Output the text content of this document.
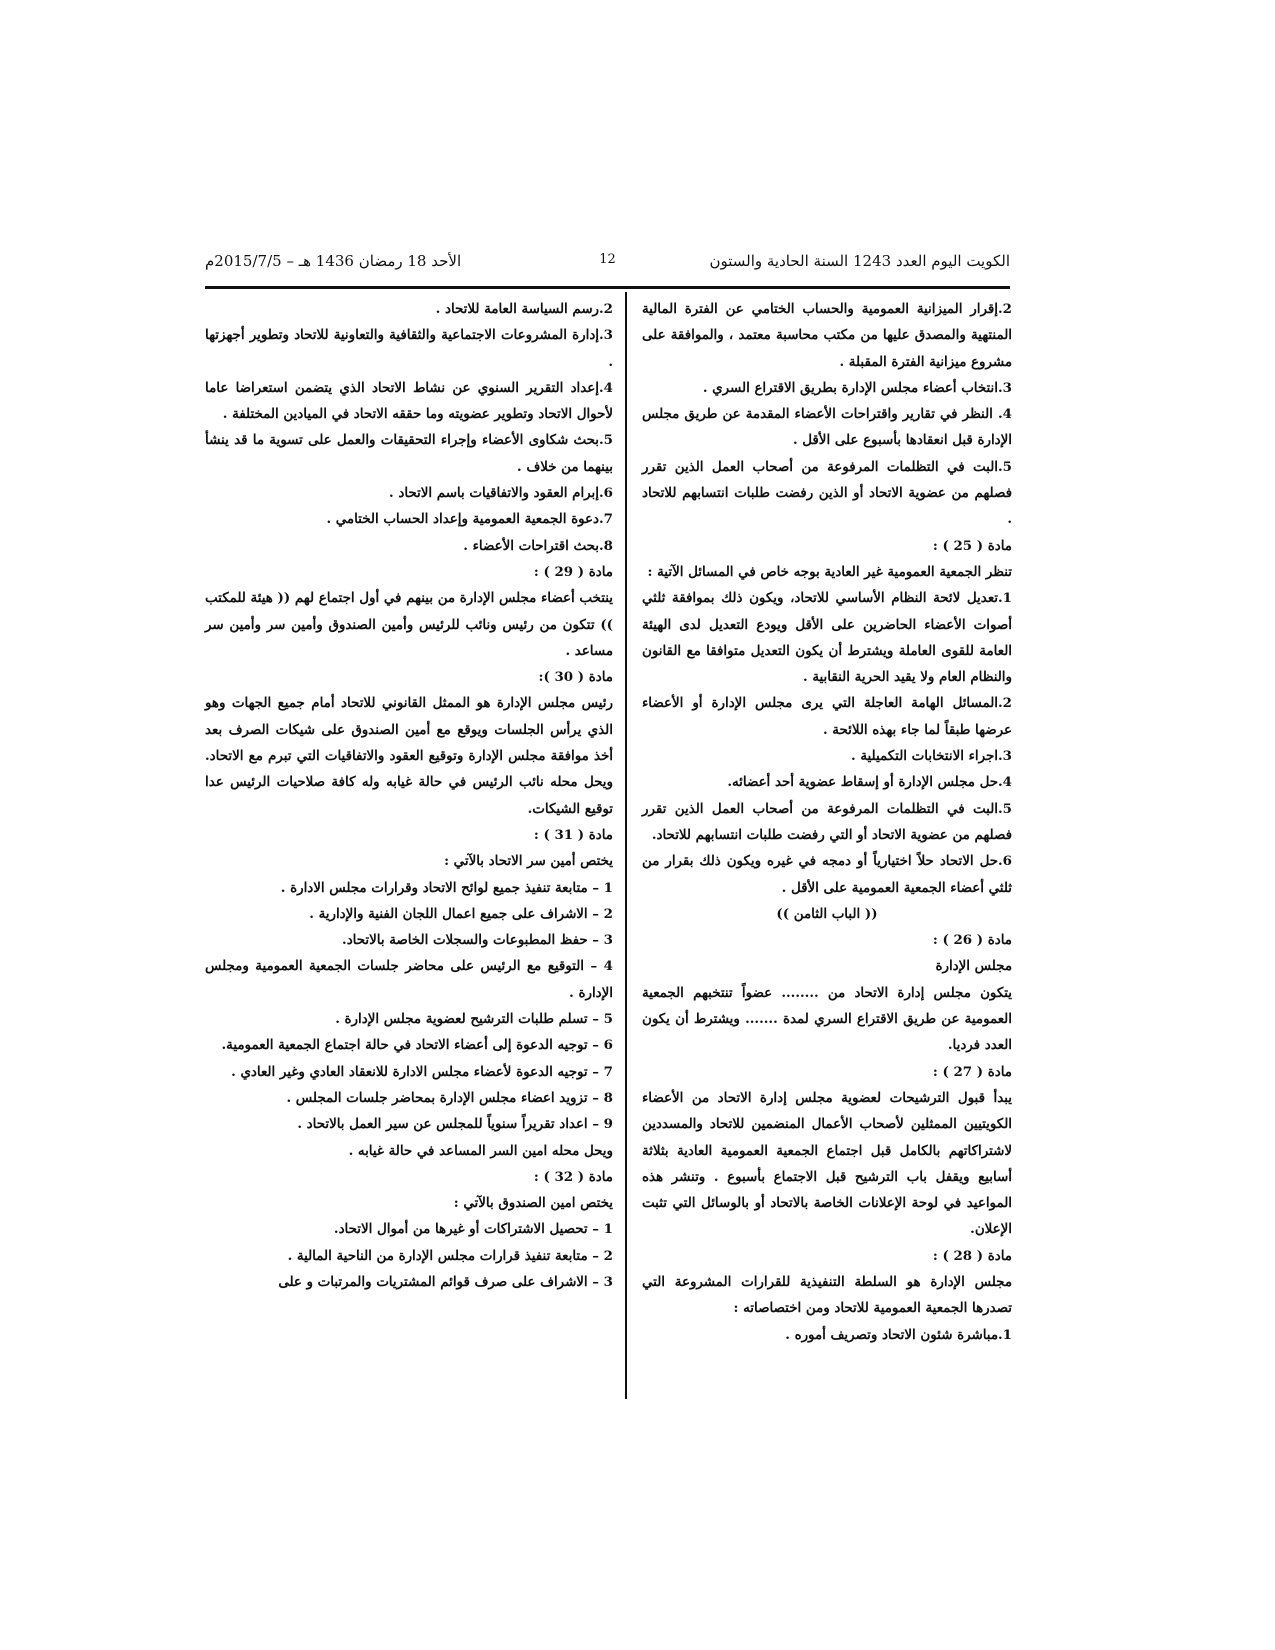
الكويت اليوم العدد 1243 السنة الحادية والستون
12
الأحد 18 رمضان 1436 هـ – 2015/7/5م

2.إقرار الميزانية العمومية والحساب الختامي عن الفترة المالية المنتهية والمصدق عليها من مكتب محاسبة معتمد ، والموافقة على مشروع ميزانية الفترة المقبلة .

3.انتخاب أعضاء مجلس الإدارة بطريق الاقتراع السري .

4. النظر في تقارير واقتراحات الأعضاء المقدمة عن طريق مجلس الإدارة قبل انعقادها بأسبوع على الأقل .

5.البت في التظلمات المرفوعة من أصحاب العمل الذين تقرر فصلهم من عضوية الاتحاد أو الذين رفضت طلبات انتسابهم للاتحاد .

مادة ( 25 ) :

تنظر الجمعية العمومية غير العادية بوجه خاص في المسائل الآتية :

1.تعديل لائحة النظام الأساسي للاتحاد، ويكون ذلك بموافقة ثلثي أصوات الأعضاء الحاضرين على الأقل ويودع التعديل لدى الهيئة العامة للقوى العاملة ويشترط أن يكون التعديل متوافقا مع القانون والنظام العام ولا يقيد الحرية النقابية .

2.المسائل الهامة العاجلة التي يرى مجلس الإدارة أو الأعضاء عرضها طبقاً لما جاء بهذه اللائحة .

3.اجراء الانتخابات التكميلية .

4.حل مجلس الإدارة أو إسقاط عضوية أحد أعضائه.

5.البت في التظلمات المرفوعة من أصحاب العمل الذين تقرر فصلهم من عضوية الاتحاد أو التي رفضت طلبات انتسابهم للاتحاد.

6.حل الاتحاد حلاً اختيارياً أو دمجه في غيره ويكون ذلك بقرار من ثلثي أعضاء الجمعية العمومية على الأقل .

(( الباب الثامن ))

مادة ( 26 ) :

مجلس الإدارة

يتكون مجلس إدارة الاتحاد من ........ عضواً تنتخبهم الجمعية العمومية عن طريق الاقتراع السري لمدة ....... ويشترط أن يكون العدد فرديا.

مادة ( 27 ) :

يبدأ قبول الترشيحات لعضوية مجلس إدارة الاتحاد من الأعضاء الكويتيين الممثلين لأصحاب الأعمال المنضمين للاتحاد والمسددين لاشتراكاتهم بالكامل قبل اجتماع الجمعية العمومية العادية بثلاثة أسابيع ويقفل باب الترشيح قبل الاجتماع بأسبوع . وتنشر هذه المواعيد في لوحة الإعلانات الخاصة بالاتحاد أو بالوسائل التي تثبت الإعلان.

مادة ( 28 ) :

مجلس الإدارة هو السلطة التنفيذية للقرارات المشروعة التي تصدرها الجمعية العمومية للاتحاد ومن اختصاصاته :

1.مباشرة شئون الاتحاد وتصريف أموره .

2.رسم السياسة العامة للاتحاد .

3.إدارة المشروعات الاجتماعية والثقافية والتعاونية للاتحاد وتطوير أجهزتها .

4.إعداد التقرير السنوي عن نشاط الاتحاد الذي يتضمن استعراضا عاما لأحوال الاتحاد وتطوير عضويته وما حققه الاتحاد في الميادين المختلفة .

5.بحث شكاوى الأعضاء وإجراء التحقيقات والعمل على تسوية ما قد ينشأ بينهما من خلاف .

6.إبرام العقود والاتفاقيات باسم الاتحاد .

7.دعوة الجمعية العمومية وإعداد الحساب الختامي .

8.بحث اقتراحات الأعضاء .

مادة ( 29 ) :

ينتخب أعضاء مجلس الإدارة من بينهم في أول اجتماع لهم (( هيئة للمكتب )) تتكون من رئيس ونائب للرئيس وأمين الصندوق وأمين سر وأمين سر مساعد .

مادة ( 30 ):

رئيس مجلس الإدارة هو الممثل القانوني للاتحاد أمام جميع الجهات وهو الذي يرأس الجلسات ويوقع مع أمين الصندوق على شيكات الصرف بعد أخذ موافقة مجلس الإدارة وتوقيع العقود والاتفاقيات التي تبرم مع الاتحاد. ويحل محله نائب الرئيس في حالة غيابه وله كافة صلاحيات الرئيس عدا توقيع الشيكات.

مادة ( 31 ) :

يختص أمين سر الاتحاد بالآتي :

1 – متابعة تنفيذ جميع لوائح الاتحاد وقرارات مجلس الادارة .

2 – الاشراف على جميع اعمال اللجان الفنية والإدارية .

3 – حفظ المطبوعات والسجلات الخاصة بالاتحاد.

4 – التوقيع مع الرئيس على محاضر جلسات الجمعية العمومية ومجلس الإدارة .

5 – تسلم طلبات الترشيح لعضوية مجلس الإدارة .

6 – توجيه الدعوة إلى أعضاء الاتحاد في حالة اجتماع الجمعية العمومية.

7 – توجيه الدعوة لأعضاء مجلس الادارة للانعقاد العادي وغير العادي .

8 – تزويد اعضاء مجلس الإدارة بمحاضر جلسات المجلس .

9 – اعداد تقريراً سنوياً للمجلس عن سير العمل بالاتحاد .

ويحل محله امين السر المساعد في حالة غيابه .

مادة ( 32 ) :

يختص امين الصندوق بالآتي :

1 – تحصيل الاشتراكات أو غيرها من أموال الاتحاد.

2 – متابعة تنفيذ قرارات مجلس الإدارة من الناحية المالية .

3 – الاشراف على صرف قوائم المشتريات والمرتبات و على
